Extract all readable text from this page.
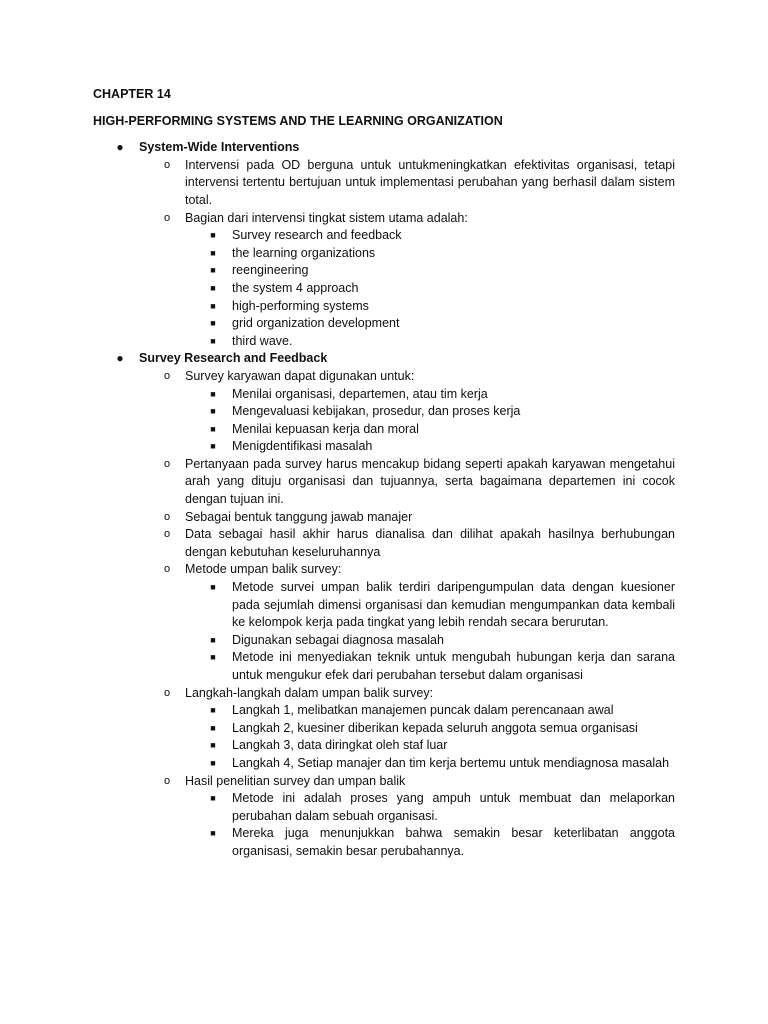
CHAPTER 14
HIGH-PERFORMING SYSTEMS AND THE LEARNING ORGANIZATION
● System-Wide Interventions
o	Intervensi pada OD berguna untuk untukmeningkatkan efektivitas organisasi, tetapi intervensi tertentu bertujuan untuk implementasi perubahan yang berhasil dalam sistem total.
o	Bagian dari intervensi tingkat sistem utama adalah:
■	Survey research and feedback
■	the learning organizations
■	reengineering
■	the system 4 approach
■	high-performing systems
■	grid organization development
■	third wave.
● Survey Research and Feedback
o	Survey karyawan dapat digunakan untuk:
■	Menilai organisasi, departemen, atau tim kerja
■	Mengevaluasi kebijakan, prosedur, dan proses kerja
■	Menilai kepuasan kerja dan moral
■	Menigdentifikasi masalah
o	Pertanyaan pada survey harus mencakup bidang seperti apakah karyawan mengetahui arah yang dituju organisasi dan tujuannya, serta bagaimana departemen ini cocok dengan tujuan ini.
o	Sebagai bentuk tanggung jawab manajer
o	Data sebagai hasil akhir harus dianalisa dan dilihat apakah hasilnya berhubungan dengan kebutuhan keseluruhannya
o	Metode umpan balik survey:
■	Metode survei umpan balik terdiri daripengumpulan data dengan kuesioner pada sejumlah dimensi organisasi dan kemudian mengumpankan data kembali ke kelompok kerja pada tingkat yang lebih rendah secara berurutan.
■	Digunakan sebagai diagnosa masalah
■	Metode ini menyediakan teknik untuk mengubah hubungan kerja dan sarana untuk mengukur efek dari perubahan tersebut dalam organisasi
o	Langkah-langkah dalam umpan balik survey:
■	Langkah 1, melibatkan manajemen puncak dalam perencanaan awal
■	Langkah 2, kuesiner diberikan kepada seluruh anggota semua organisasi
■	Langkah 3, data diringkat oleh staf luar
■	Langkah 4, Setiap manajer dan tim kerja bertemu untuk mendiagnosa masalah
o	Hasil penelitian survey dan umpan balik
■	Metode ini adalah proses yang ampuh untuk membuat dan melaporkan perubahan dalam sebuah organisasi.
■	Mereka juga menunjukkan bahwa semakin besar keterlibatan anggota organisasi, semakin besar perubahannya.
